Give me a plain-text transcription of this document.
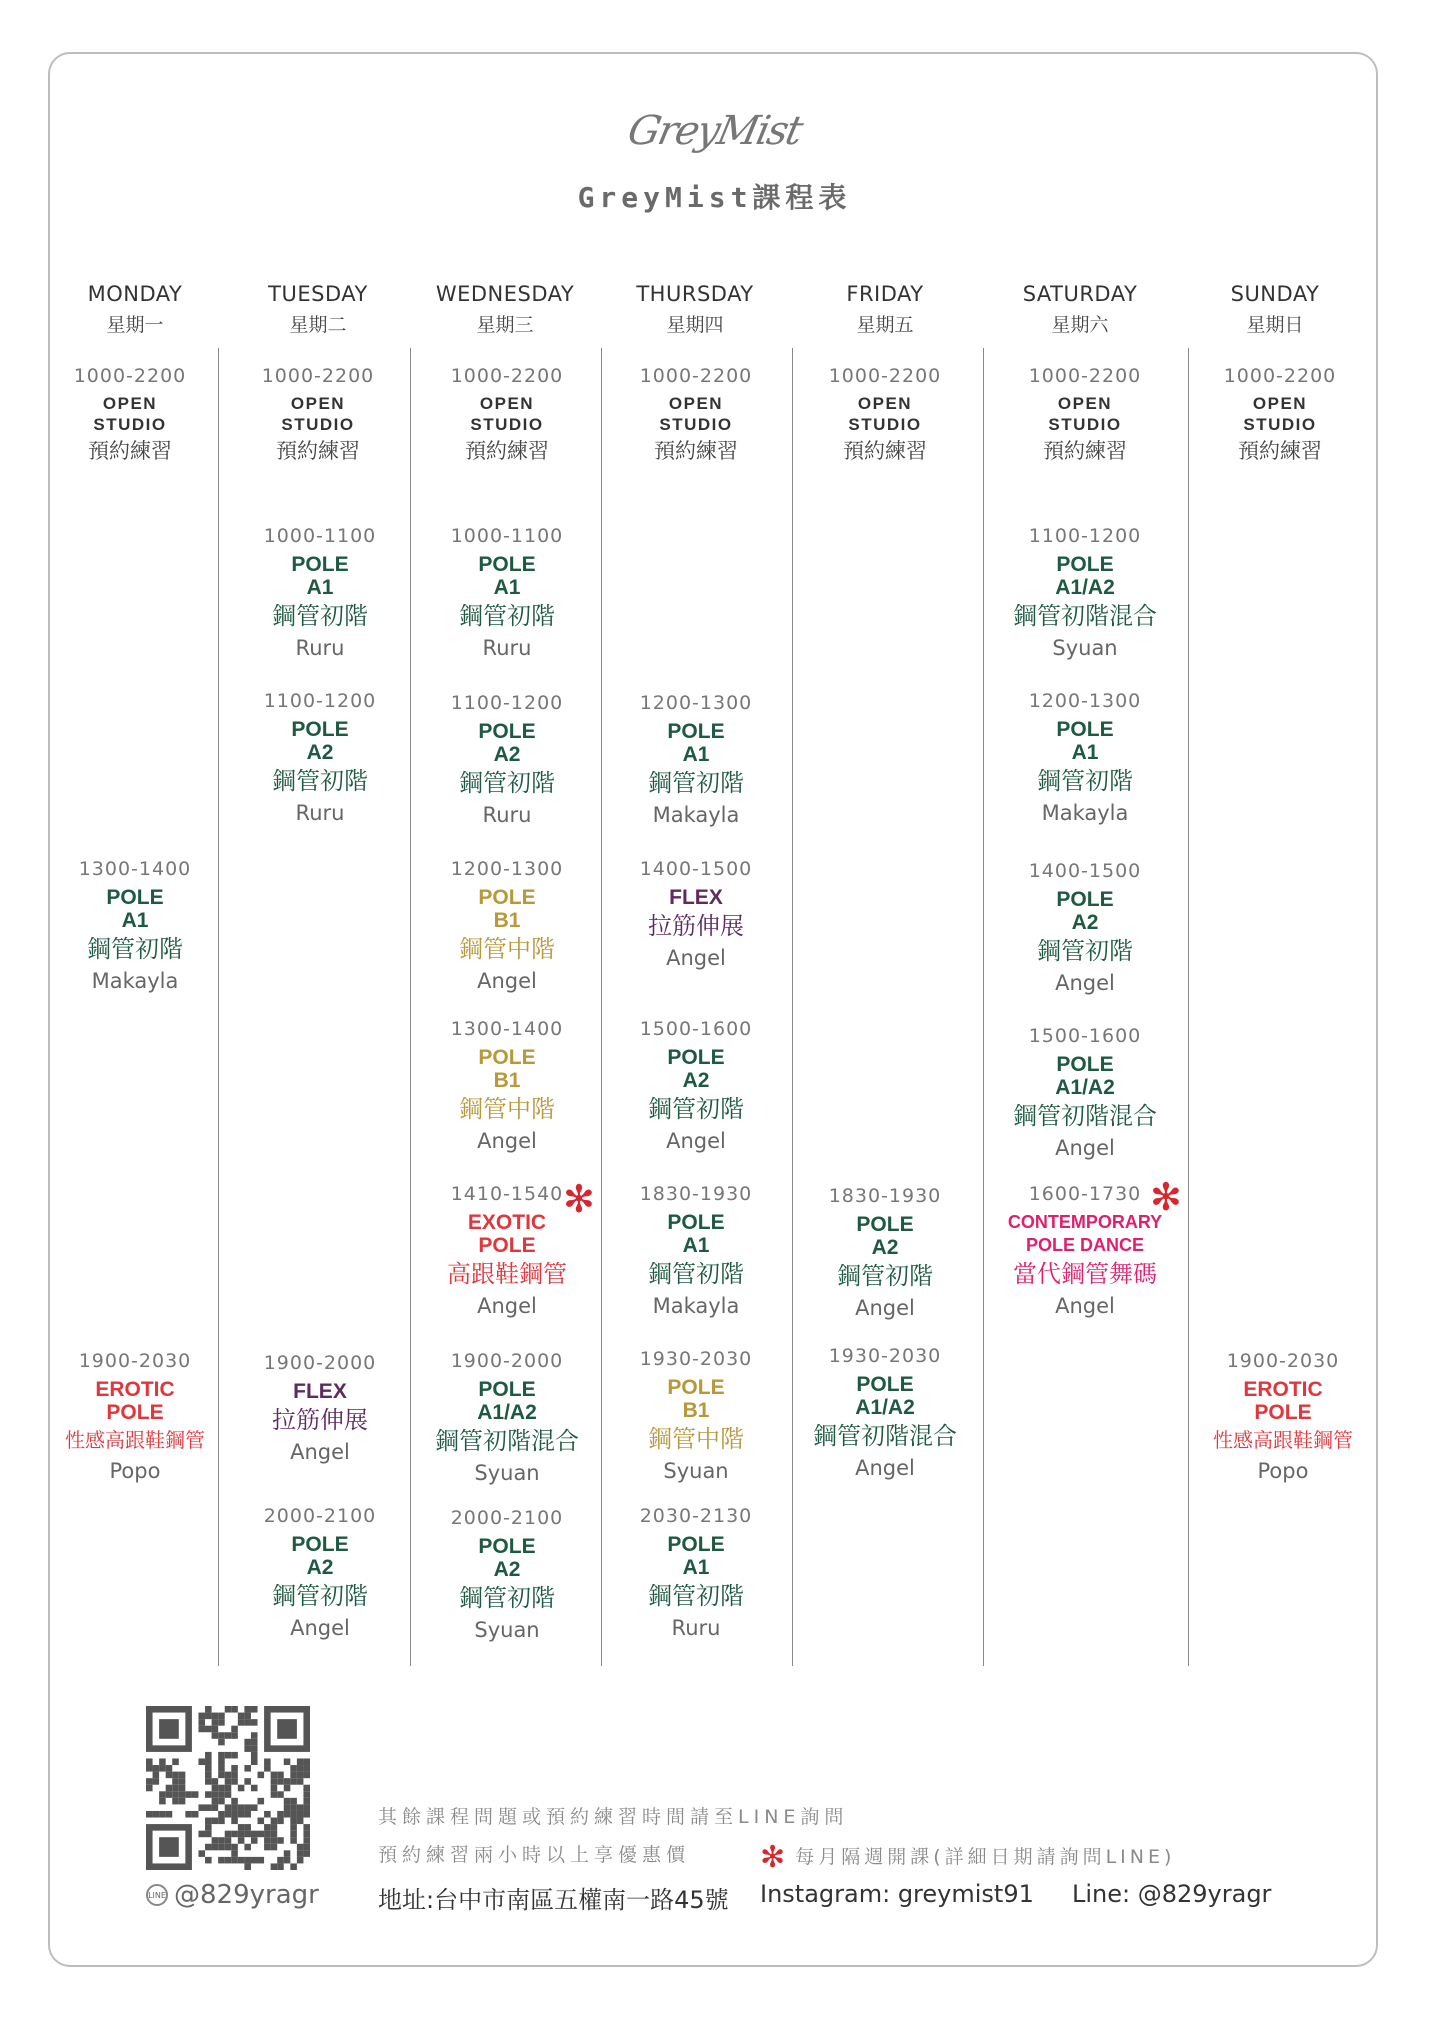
GreyMist
GreyMist課程表
MONDAY
星期一
TUESDAY
星期二
WEDNESDAY
星期三
THURSDAY
星期四
FRIDAY
星期五
SATURDAY
星期六
SUNDAY
星期日
1000-2200
OPEN
STUDIO
預約練習
1000-2200
OPEN
STUDIO
預約練習
1000-2200
OPEN
STUDIO
預約練習
1000-2200
OPEN
STUDIO
預約練習
1000-2200
OPEN
STUDIO
預約練習
1000-2200
OPEN
STUDIO
預約練習
1000-2200
OPEN
STUDIO
預約練習
1300-1400
POLE
A1
鋼管初階
Makayla
1900-2030
EROTIC
POLE
性感高跟鞋鋼管
Popo
1000-1100
POLE
A1
鋼管初階
Ruru
1100-1200
POLE
A2
鋼管初階
Ruru
1900-2000
FLEX
拉筋伸展
Angel
2000-2100
POLE
A2
鋼管初階
Angel
1000-1100
POLE
A1
鋼管初階
Ruru
1100-1200
POLE
A2
鋼管初階
Ruru
1200-1300
POLE
B1
鋼管中階
Angel
1300-1400
POLE
B1
鋼管中階
Angel
1410-1540
EXOTIC
POLE
高跟鞋鋼管
Angel
1900-2000
POLE
A1/A2
鋼管初階混合
Syuan
2000-2100
POLE
A2
鋼管初階
Syuan
1200-1300
POLE
A1
鋼管初階
Makayla
1400-1500
FLEX
拉筋伸展
Angel
1500-1600
POLE
A2
鋼管初階
Angel
1830-1930
POLE
A1
鋼管初階
Makayla
1930-2030
POLE
B1
鋼管中階
Syuan
2030-2130
POLE
A1
鋼管初階
Ruru
1830-1930
POLE
A2
鋼管初階
Angel
1930-2030
POLE
A1/A2
鋼管初階混合
Angel
1100-1200
POLE
A1/A2
鋼管初階混合
Syuan
1200-1300
POLE
A1
鋼管初階
Makayla
1400-1500
POLE
A2
鋼管初階
Angel
1500-1600
POLE
A1/A2
鋼管初階混合
Angel
1600-1730
CONTEMPORARY
POLE DANCE
當代鋼管舞碼
Angel
1900-2030
EROTIC
POLE
性感高跟鞋鋼管
Popo
✻	✻
LINE @829yragr
其餘課程問題或預約練習時間請至LINE詢問
預約練習兩小時以上享優惠價 ✻ 每月隔週開課(詳細日期請詢問LINE)
地址:台中市南區五權南一路45號 Instagram: greymist91 Line: @829yragr
